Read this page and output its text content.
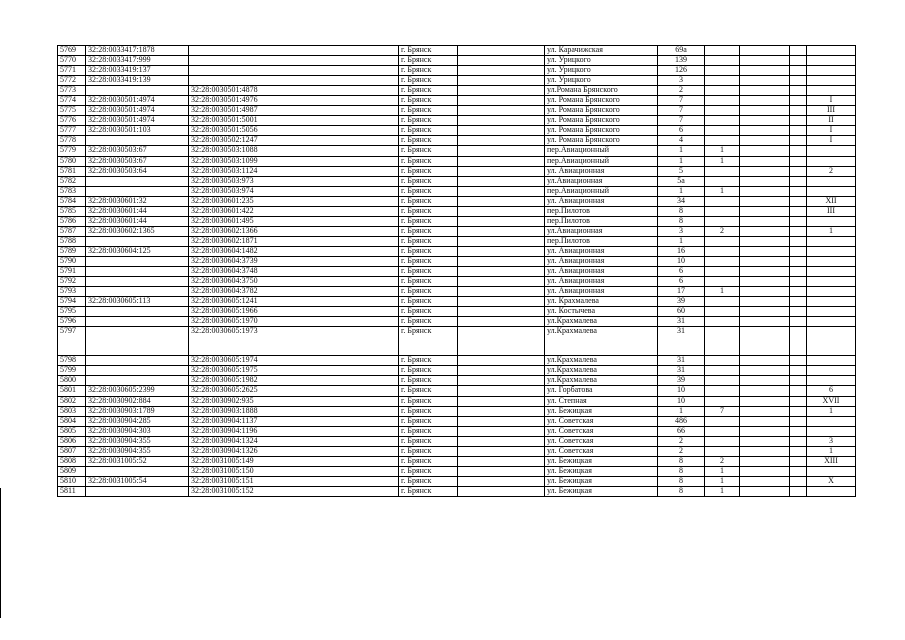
5769	32:28:0033417:1878		г. Брянск		ул. Карачижская	69а				
5770	32:28:0033417:999		г. Брянск		ул. Урицкого	139				
5771	32:28:0033419:137		г. Брянск		ул. Урицкого	126				
5772	32:28:0033419:139		г. Брянск		ул. Урицкого	3				
5773		32:28:0030501:4878	г. Брянск		ул.Романа Брянского	2				
5774	32:28:0030501:4974	32:28:0030501:4976	г. Брянск		ул. Романа Брянского	7				I
5775	32:28:0030501:4974	32:28:0030501:4987	г. Брянск		ул. Романа Брянского	7				III
5776	32:28:0030501:4974	32:28:0030501:5001	г. Брянск		ул. Романа Брянского	7				II
5777	32:28:0030501:103	32:28:0030501:5056	г. Брянск		ул. Романа Брянского	6				I
5778		32:28:0030502:1247	г. Брянск		ул. Романа Брянского	4				I
5779	32:28:0030503:67	32:28:0030503:1088	г. Брянск		пер.Авиационный	1	1			
5780	32:28:0030503:67	32:28:0030503:1099	г. Брянск		пер.Авиационный	1	1			
5781	32:28:0030503:64	32:28:0030503:1124	г. Брянск		ул. Авиационная	5				2
5782		32:28:0030503:973	г. Брянск		ул.Авиационная	5а				
5783		32:28:0030503:974	г. Брянск		пер.Авиационный	1	1			
5784	32:28:0030601:32	32:28:0030601:235	г. Брянск		ул. Авиационная	34				XII
5785	32:28:0030601:44	32:28:0030601:422	г. Брянск		пер.Пилотов	8				III
5786	32:28:0030601:44	32:28:0030601:495	г. Брянск		пер.Пилотов	8				
5787	32:28:0030602:1365	32:28:0030602:1366	г. Брянск		ул.Авиационная	3	2			1
5788		32:28:0030602:1871	г. Брянск		пер.Пилотов	1				
5789	32:28:0030604:125	32:28:0030604:1482	г. Брянск		ул. Авиационная	16				
5790		32:28:0030604:3739	г. Брянск		ул. Авиационная	10				
5791		32:28:0030604:3748	г. Брянск		ул. Авиационная	6				
5792		32:28:0030604:3750	г. Брянск		ул. Авиационная	6				
5793		32:28:0030604:3782	г. Брянск		ул. Авиационная	17	1			
5794	32:28:0030605:113	32:28:0030605:1241	г. Брянск		ул. Крахмалева	39				
5795		32:28:0030605:1966	г. Брянск		ул. Костычева	60				
5796		32:28:0030605:1970	г. Брянск		ул.Крахмалева	31				
5797		32:28:0030605:1973	г. Брянск		ул.Крахмалева	31				
5798		32:28:0030605:1974	г. Брянск		ул.Крахмалева	31				
5799		32:28:0030605:1975	г. Брянск		ул.Крахмалева	31				
5800		32:28:0030605:1982	г. Брянск		ул.Крахмалева	39				
5801	32:28:0030605:2399	32:28:0030605:2625	г. Брянск		ул. Горбатова	10				6
5802	32:28:0030902:884	32:28:0030902:935	г. Брянск		ул. Степная	10				XVII
5803	32:28:0030903:1789	32:28:0030903:1888	г. Брянск		ул. Бежицкая	1	7			1
5804	32:28:0030904:285	32:28:0030904:1137	г. Брянск		ул. Советская	486				
5805	32:28:0030904:303	32:28:0030904:1196	г. Брянск		ул. Советская	66				
5806	32:28:0030904:355	32:28:0030904:1324	г. Брянск		ул. Советская	2				3
5807	32:28:0030904:355	32:28:0030904:1326	г. Брянск		ул. Советская	2				1
5808	32:28:0031005:52	32:28:0031005:149	г. Брянск		ул. Бежицкая	8	2			XIII
5809		32:28:0031005:150	г. Брянск		ул. Бежицкая	8	1			
5810	32:28:0031005:54	32:28:0031005:151	г. Брянск		ул. Бежицкая	8	1			X
5811		32:28:0031005:152	г. Брянск		ул. Бежицкая	8	1			
